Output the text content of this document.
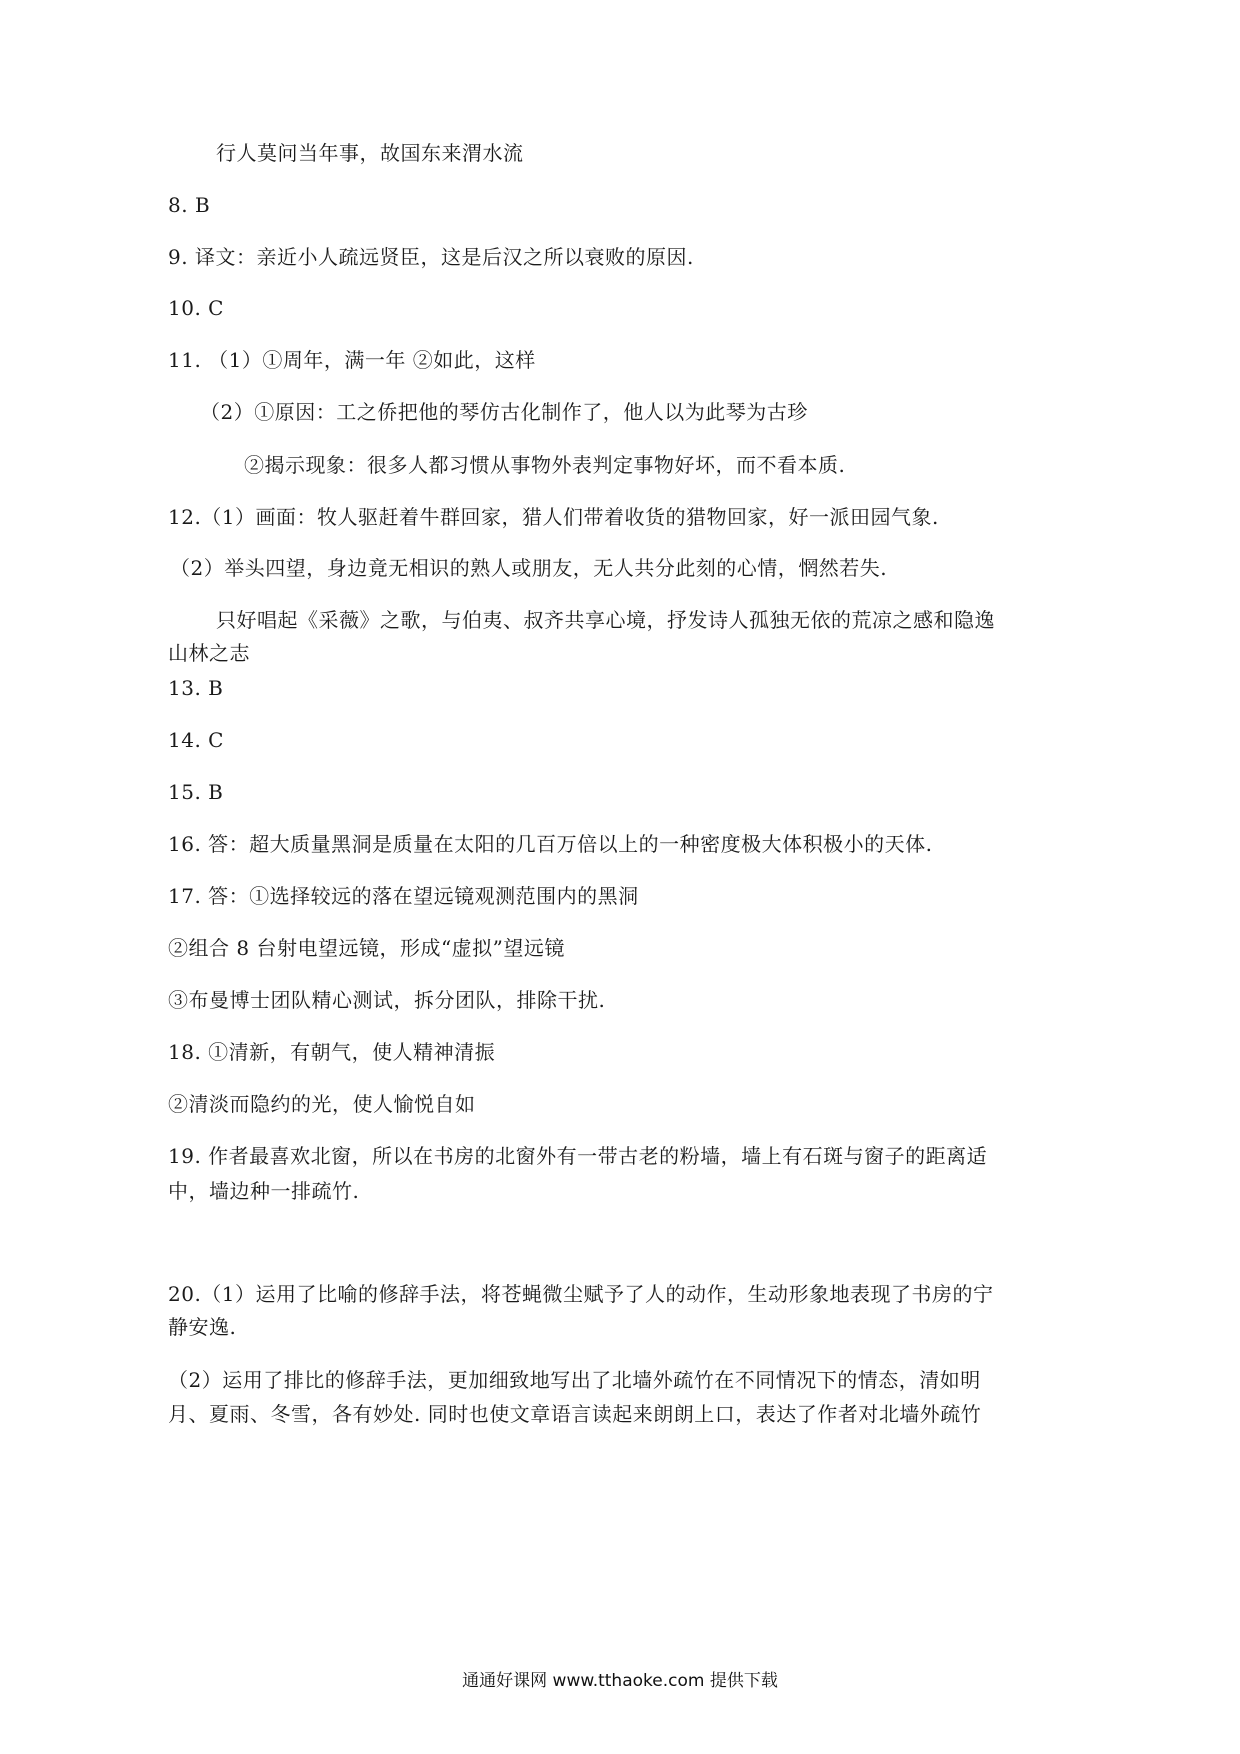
行人莫问当年事，故国东来渭水流
8. B
9. 译文：亲近小人疏远贤臣，这是后汉之所以衰败的原因.
10. C
11. （1）①周年，满一年 ②如此，这样
（2）①原因：工之侨把他的琴仿古化制作了，他人以为此琴为古珍
②揭示现象：很多人都习惯从事物外表判定事物好坏，而不看本质.
12.（1）画面：牧人驱赶着牛群回家，猎人们带着收货的猎物回家，好一派田园气象.
（2）举头四望，身边竟无相识的熟人或朋友，无人共分此刻的心情，惘然若失.
只好唱起《采薇》之歌，与伯夷、叔齐共享心境，抒发诗人孤独无依的荒凉之感和隐逸
山林之志
13. B
14. C
15. B
16. 答：超大质量黑洞是质量在太阳的几百万倍以上的一种密度极大体积极小的天体.
17. 答：①选择较远的落在望远镜观测范围内的黑洞
②组合 8 台射电望远镜，形成“虚拟”望远镜
③布曼博士团队精心测试，拆分团队，排除干扰.
18. ①清新，有朝气，使人精神清振
②清淡而隐约的光，使人愉悦自如
19. 作者最喜欢北窗，所以在书房的北窗外有一带古老的粉墙，墙上有石斑与窗子的距离适
中，墙边种一排疏竹.
20.（1）运用了比喻的修辞手法，将苍蝇微尘赋予了人的动作，生动形象地表现了书房的宁
静安逸.
（2）运用了排比的修辞手法，更加细致地写出了北墙外疏竹在不同情况下的情态，清如明
月、夏雨、冬雪，各有妙处. 同时也使文章语言读起来朗朗上口，表达了作者对北墙外疏竹
通通好课网 www.tthaoke.com 提供下载
